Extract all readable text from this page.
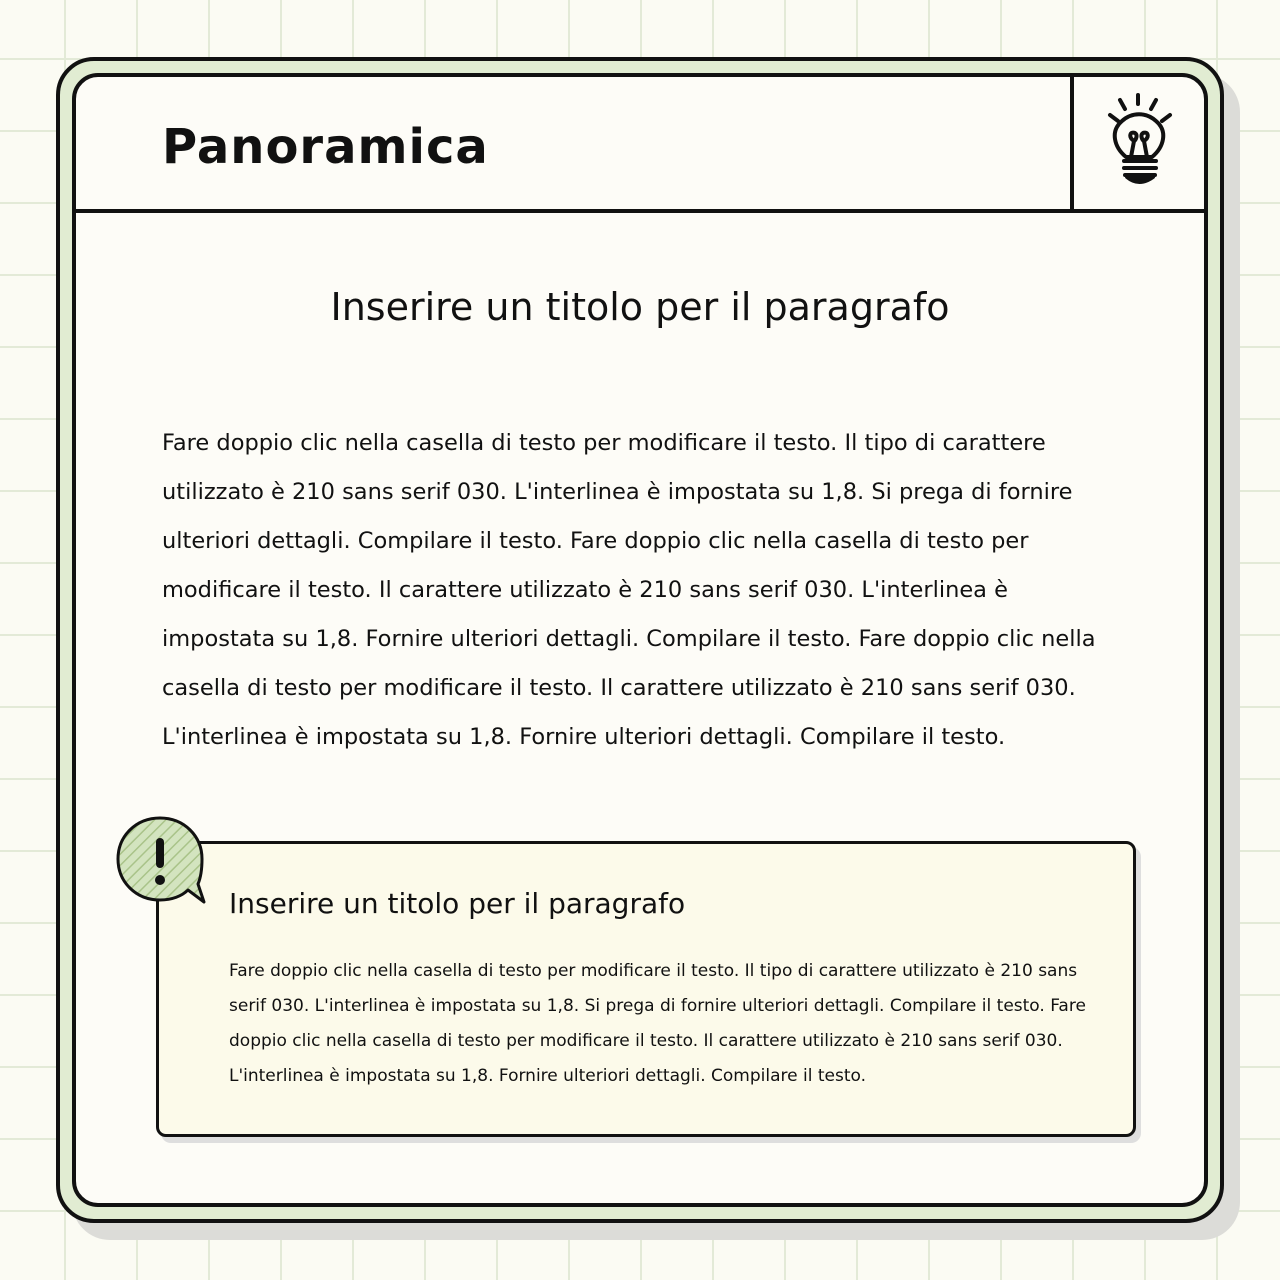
Panoramica
Inserire un titolo per il paragrafo

Fare doppio clic nella casella di testo per modificare il testo. Il tipo di carattere utilizzato è 210 sans serif 030. L'interlinea è impostata su 1,8. Si prega di fornire ulteriori dettagli. Compilare il testo. Fare doppio clic nella casella di testo per modificare il testo. Il carattere utilizzato è 210 sans serif 030. L'interlinea è impostata su 1,8. Fornire ulteriori dettagli. Compilare il testo. Fare doppio clic nella casella di testo per modificare il testo. Il carattere utilizzato è 210 sans serif 030. L'interlinea è impostata su 1,8. Fornire ulteriori dettagli. Compilare il testo.

Inserire un titolo per il paragrafo

Fare doppio clic nella casella di testo per modificare il testo. Il tipo di carattere utilizzato è 210 sans serif 030. L'interlinea è impostata su 1,8. Si prega di fornire ulteriori dettagli. Compilare il testo. Fare doppio clic nella casella di testo per modificare il testo. Il carattere utilizzato è 210 sans serif 030. L'interlinea è impostata su 1,8. Fornire ulteriori dettagli. Compilare il testo.
